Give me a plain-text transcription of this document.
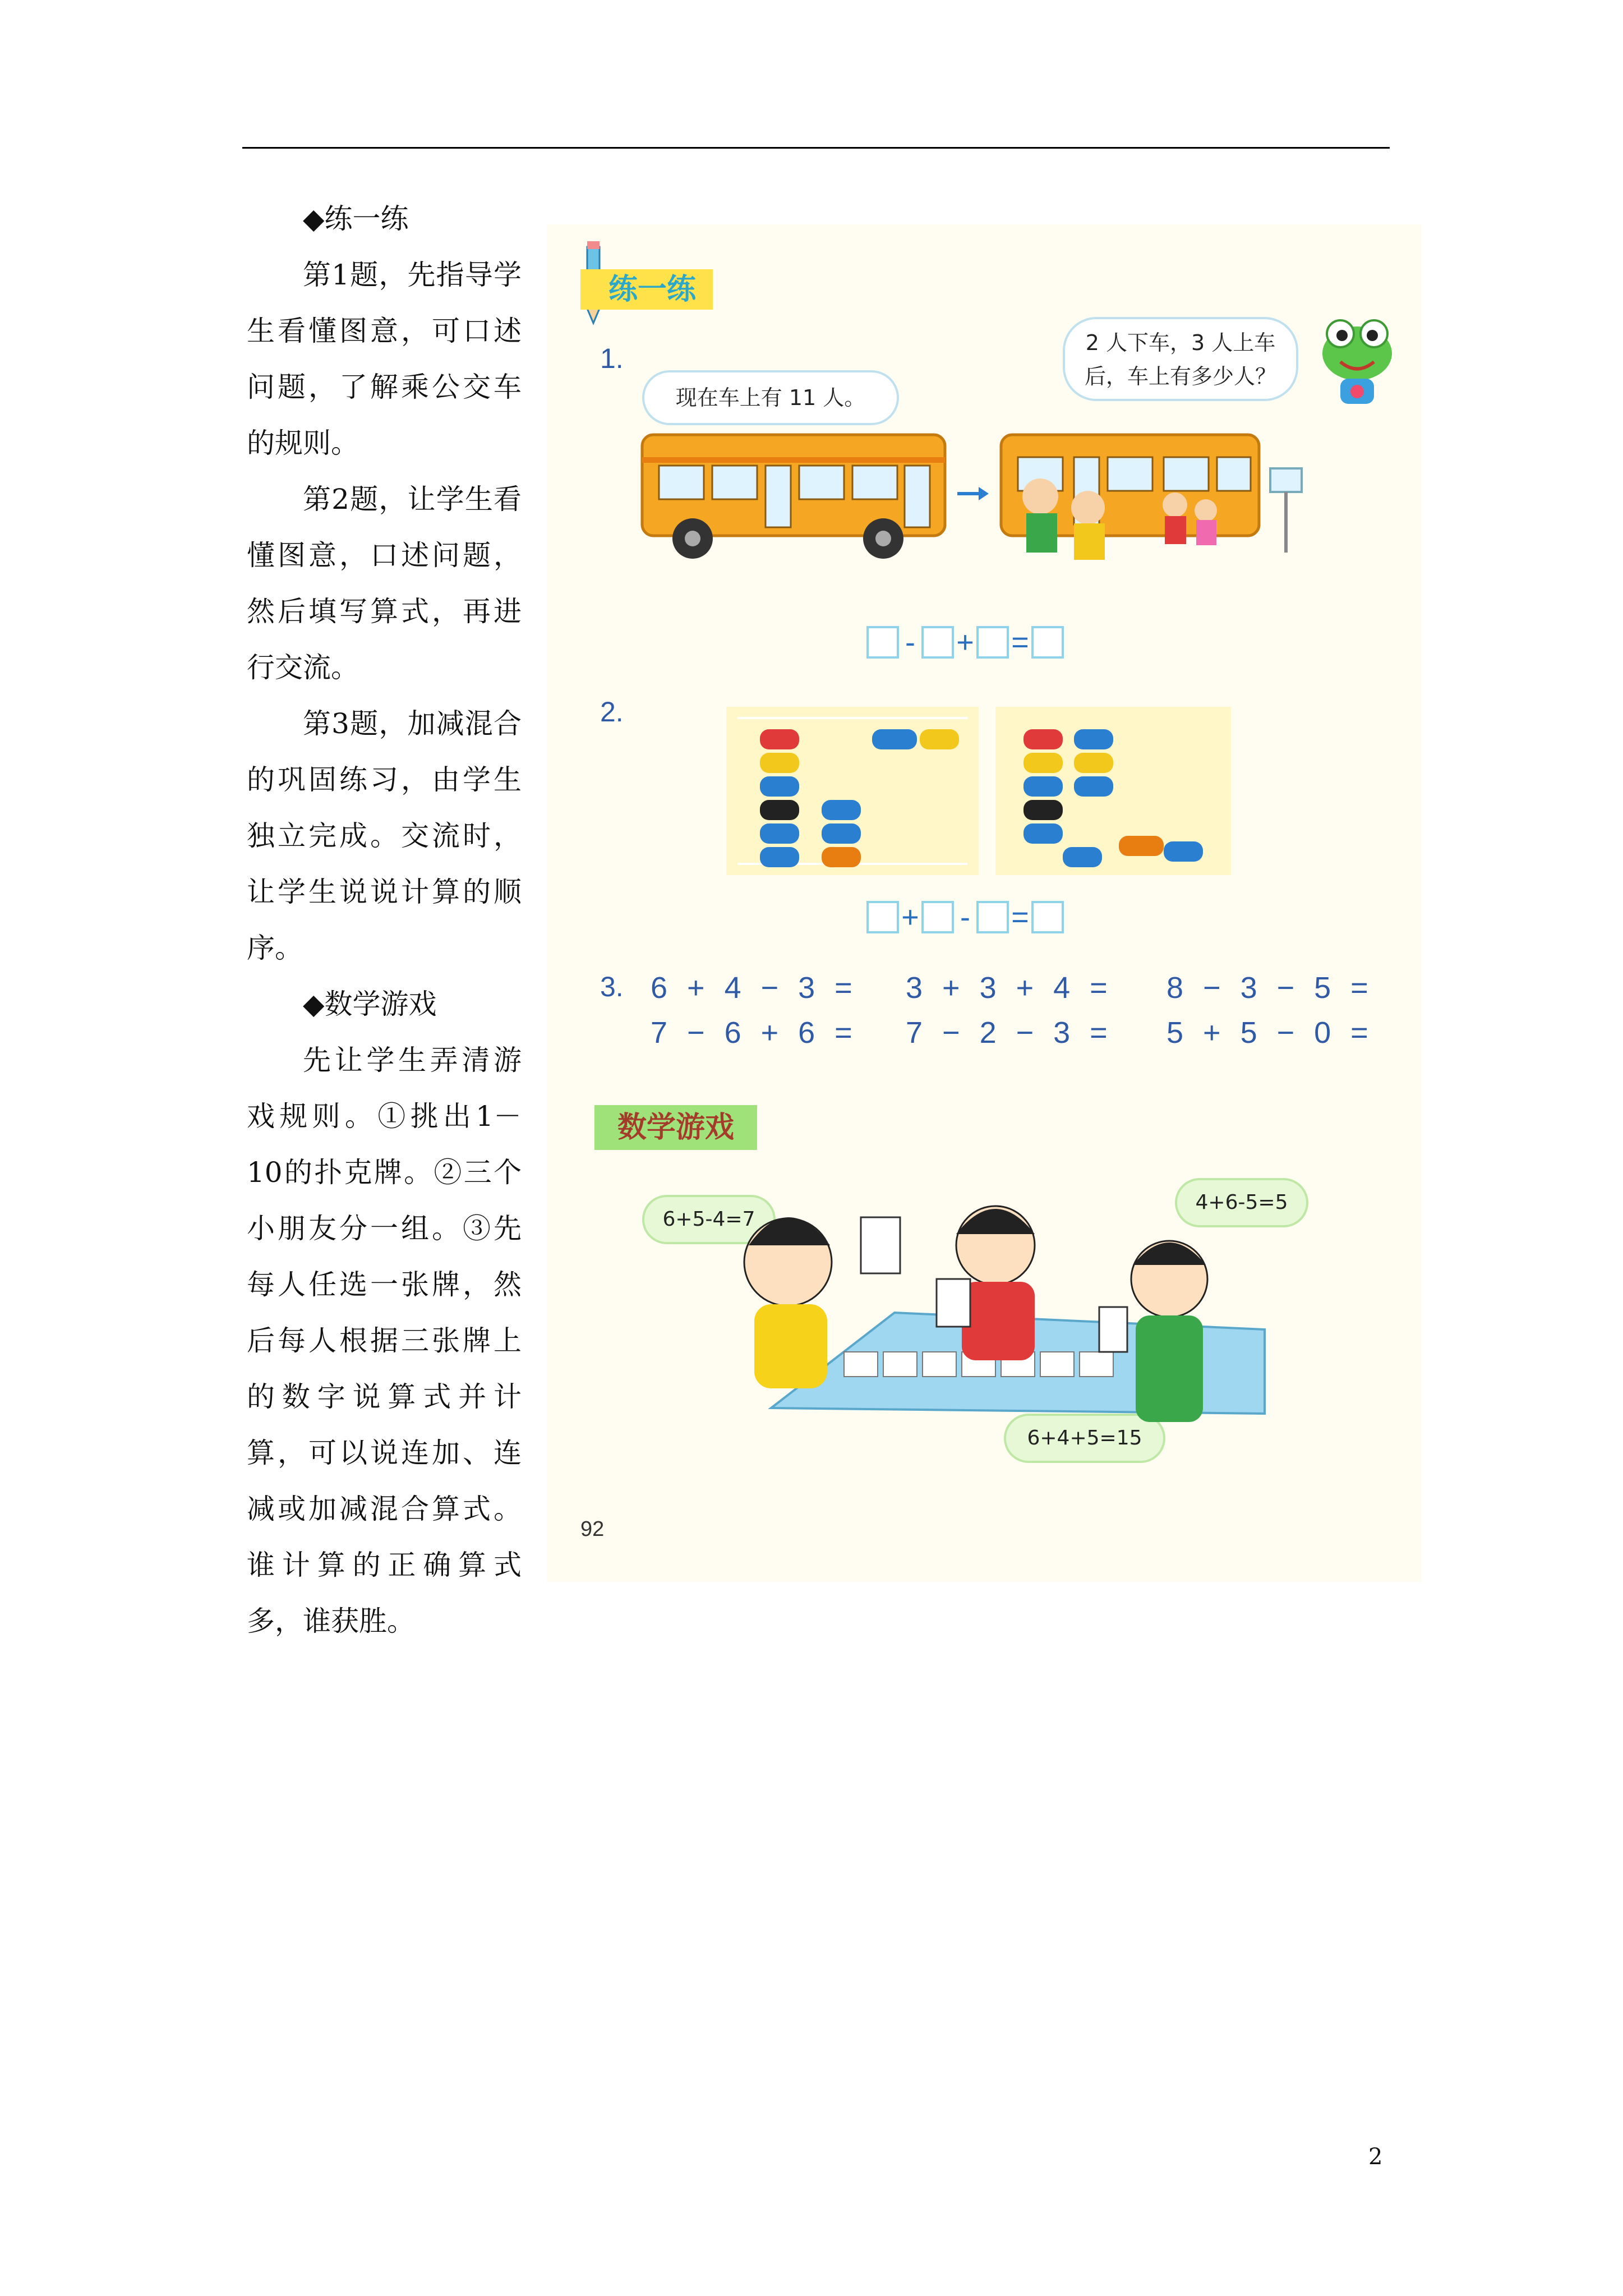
◆练一练

第1题，先指导学生看懂图意，可口述问题，了解乘公交车的规则。

第2题，让学生看懂图意，口述问题，然后填写算式，再进行交流。

第3题，加减混合的巩固练习，由学生独立完成。交流时，让学生说说计算的顺序。

◆数学游戏

先让学生弄清游戏规则。①挑出1－10的扑克牌。②三个小朋友分一组。③先每人任选一张牌，然后每人根据三张牌上的数字说算式并计算，可以说连加、连减或加减混合算式。谁计算的正确算式多，谁获胜。

练一练
1.
现在车上有 11 人。
2 人下车，3 人上车
后，车上有多少人？
- + =
2.
+ - =
3. 6 + 4 − 3 = 3 + 3 + 4 = 8 − 3 − 5 =
7 − 6 + 6 = 7 − 2 − 3 = 5 + 5 − 0 =
数学游戏
6+5-4=7
4+6-5=5
6+4+5=15
92
2
